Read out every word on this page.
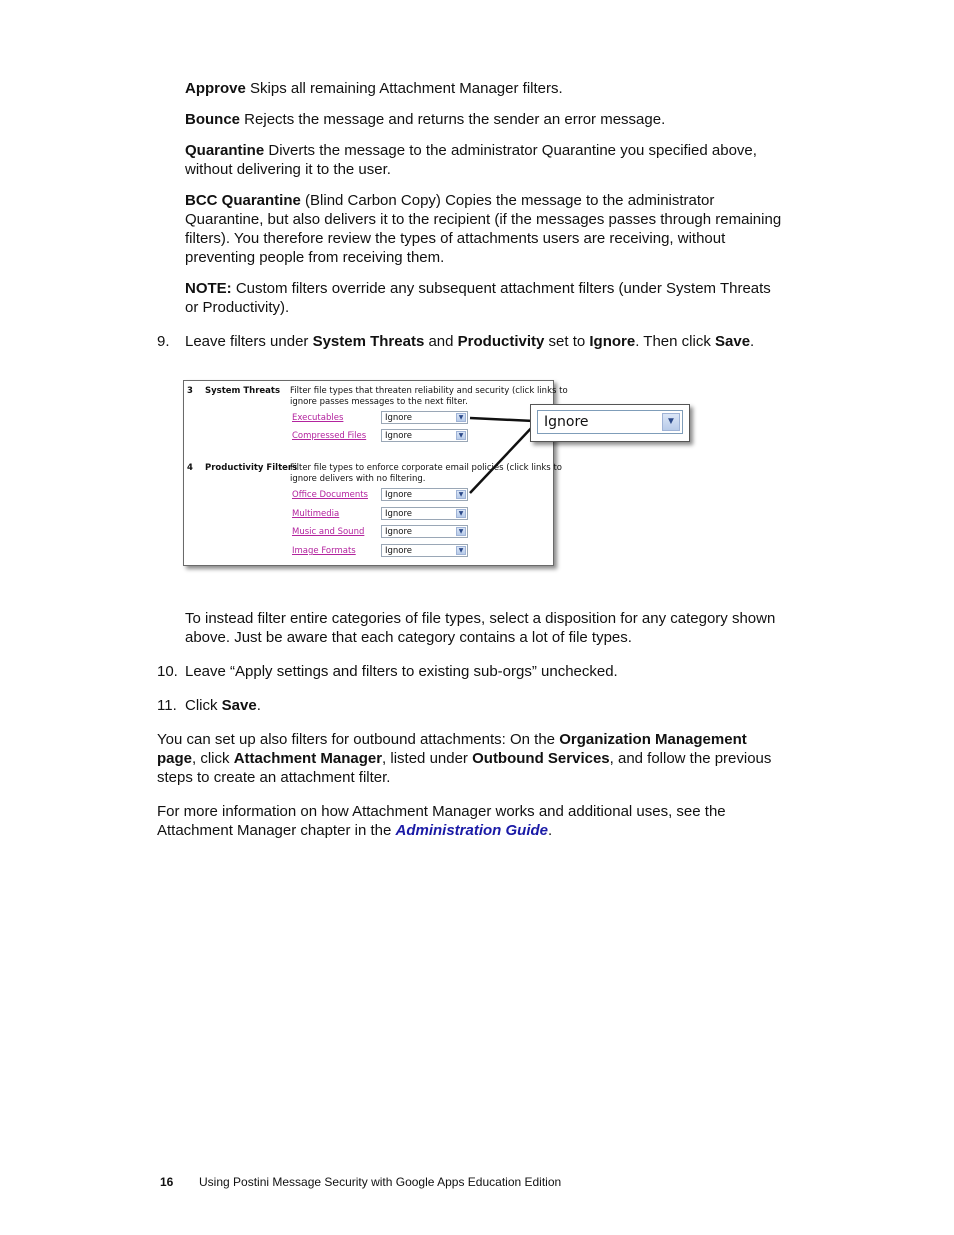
Approve Skips all remaining Attachment Manager filters.

Bounce Rejects the message and returns the sender an error message.

Quarantine Diverts the message to the administrator Quarantine you specified above,
without delivering it to the user.

BCC Quarantine (Blind Carbon Copy) Copies the message to the administrator
Quarantine, but also delivers it to the recipient (if the messages passes through remaining
filters). You therefore review the types of attachments users are receiving, without
preventing people from receiving them.

NOTE: Custom filters override any subsequent attachment filters (under System Threats
or Productivity).

9. Leave filters under System Threats and Productivity set to Ignore. Then click Save.

3 System Threats Filter file types that threaten reliability and security (click links to
ignore passes messages to the next filter.
Executables	Ignore	▼
Compressed Files Ignore	▼
4 Productivity Filters
Filter file types to enforce corporate email policies (click links to
ignore delivers with no filtering.
Office Documents Ignore	▼
Multimedia	Ignore	▼
Music and Sound Ignore	▼
Image Formats	Ignore	▼
Ignore	▼

To instead filter entire categories of file types, select a disposition for any category shown
above. Just be aware that each category contains a lot of file types.

10. Leave “Apply settings and filters to existing sub-orgs” unchecked.

11. Click Save.

You can set up also filters for outbound attachments: On the Organization Management
page, click Attachment Manager, listed under Outbound Services, and follow the previous
steps to create an attachment filter.

For more information on how Attachment Manager works and additional uses, see the
Attachment Manager chapter in the Administration Guide.

16 Using Postini Message Security with Google Apps Education Edition
